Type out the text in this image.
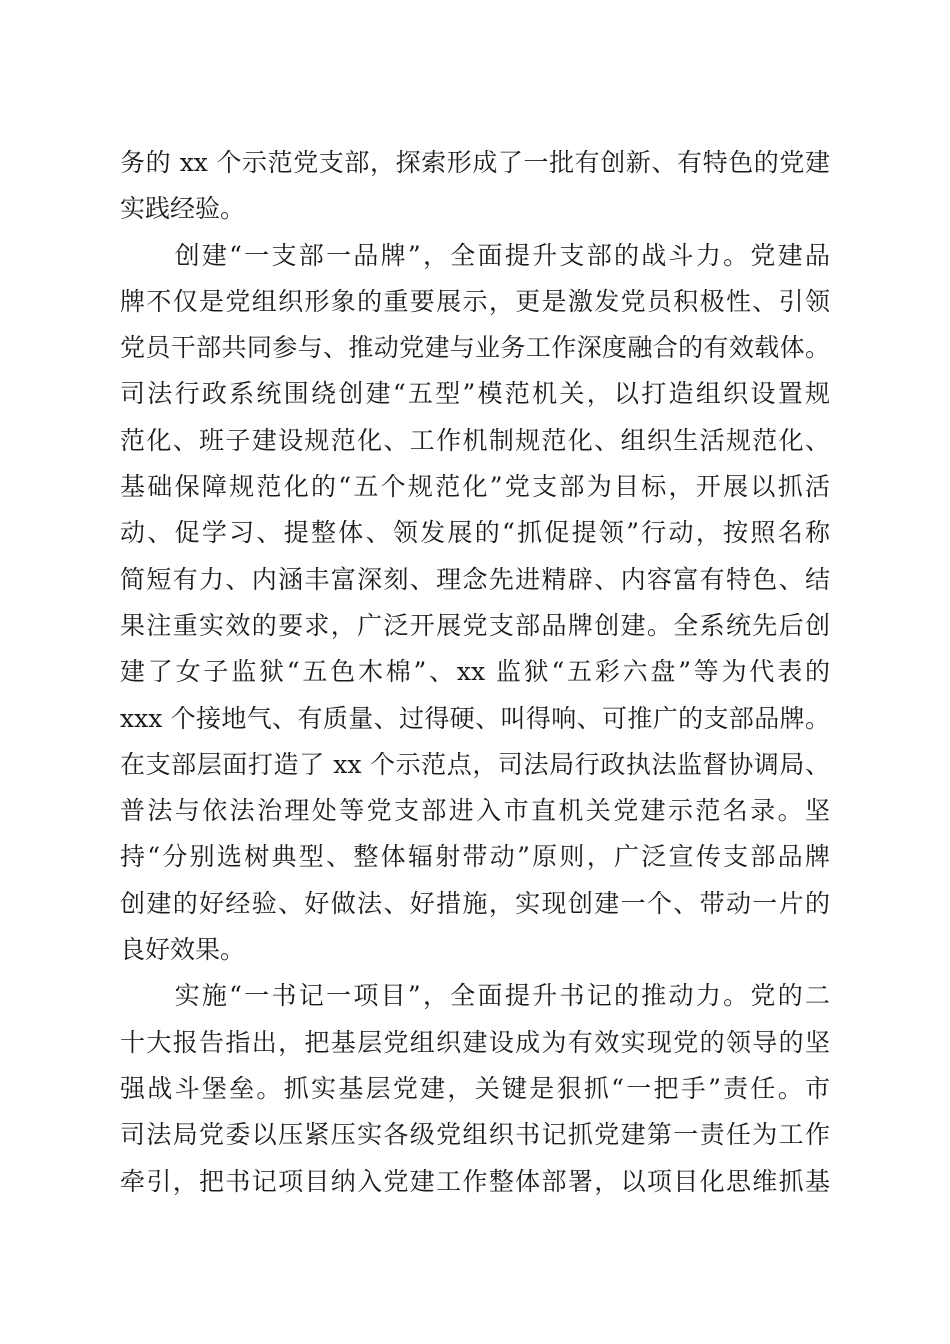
务的 xx 个示范党支部，探索形成了一批有创新、有特色的党建
实践经验。
　　创建“一支部一品牌”，全面提升支部的战斗力。党建品
牌不仅是党组织形象的重要展示，更是激发党员积极性、引领
党员干部共同参与、推动党建与业务工作深度融合的有效载体。
司法行政系统围绕创建“五型”模范机关，以打造组织设置规
范化、班子建设规范化、工作机制规范化、组织生活规范化、
基础保障规范化的“五个规范化”党支部为目标，开展以抓活
动、促学习、提整体、领发展的“抓促提领”行动，按照名称
简短有力、内涵丰富深刻、理念先进精辟、内容富有特色、结
果注重实效的要求，广泛开展党支部品牌创建。全系统先后创
建了女子监狱“五色木棉”、xx 监狱“五彩六盘”等为代表的
xxx 个接地气、有质量、过得硬、叫得响、可推广的支部品牌。
在支部层面打造了 xx 个示范点，司法局行政执法监督协调局、
普法与依法治理处等党支部进入市直机关党建示范名录。坚
持“分别选树典型、整体辐射带动”原则，广泛宣传支部品牌
创建的好经验、好做法、好措施，实现创建一个、带动一片的
良好效果。
　　实施“一书记一项目”，全面提升书记的推动力。党的二
十大报告指出，把基层党组织建设成为有效实现党的领导的坚
强战斗堡垒。抓实基层党建，关键是狠抓“一把手”责任。市
司法局党委以压紧压实各级党组织书记抓党建第一责任为工作
牵引，把书记项目纳入党建工作整体部署，以项目化思维抓基
